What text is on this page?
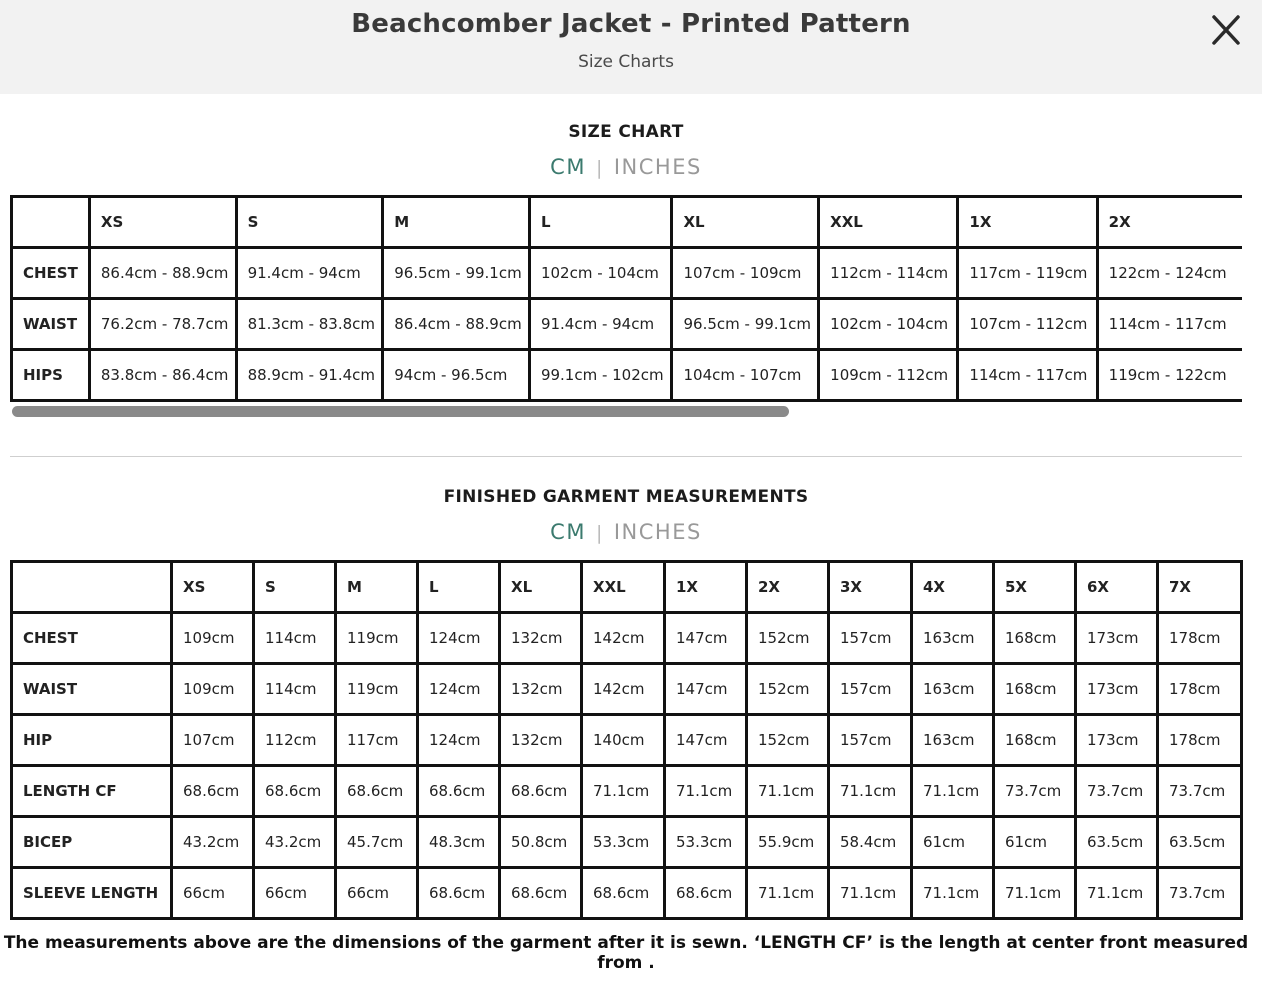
Beachcomber Jacket - Printed Pattern
Size Charts
SIZE CHART
CM | INCHES
	XS	S	M	L	XL	XXL	1X	2X
CHEST	86.4cm - 88.9cm	91.4cm - 94cm	96.5cm - 99.1cm	102cm - 104cm	107cm - 109cm	112cm - 114cm	117cm - 119cm	122cm - 124cm
WAIST	76.2cm - 78.7cm	81.3cm - 83.8cm	86.4cm - 88.9cm	91.4cm - 94cm	96.5cm - 99.1cm	102cm - 104cm	107cm - 112cm	114cm - 117cm
HIPS	83.8cm - 86.4cm	88.9cm - 91.4cm	94cm - 96.5cm	99.1cm - 102cm	104cm - 107cm	109cm - 112cm	114cm - 117cm	119cm - 122cm
FINISHED GARMENT MEASUREMENTS
CM | INCHES
	XS	S	M	L	XL	XXL	1X	2X	3X	4X	5X	6X	7X
CHEST	109cm	114cm	119cm	124cm	132cm	142cm	147cm	152cm	157cm	163cm	168cm	173cm	178cm
WAIST	109cm	114cm	119cm	124cm	132cm	142cm	147cm	152cm	157cm	163cm	168cm	173cm	178cm
HIP	107cm	112cm	117cm	124cm	132cm	140cm	147cm	152cm	157cm	163cm	168cm	173cm	178cm
LENGTH CF	68.6cm	68.6cm	68.6cm	68.6cm	68.6cm	71.1cm	71.1cm	71.1cm	71.1cm	71.1cm	73.7cm	73.7cm	73.7cm
BICEP	43.2cm	43.2cm	45.7cm	48.3cm	50.8cm	53.3cm	53.3cm	55.9cm	58.4cm	61cm	61cm	63.5cm	63.5cm
SLEEVE LENGTH	66cm	66cm	66cm	68.6cm	68.6cm	68.6cm	68.6cm	71.1cm	71.1cm	71.1cm	71.1cm	71.1cm	73.7cm
The measurements above are the dimensions of the garment after it is sewn. ‘LENGTH CF’ is the length at center front measured from .
